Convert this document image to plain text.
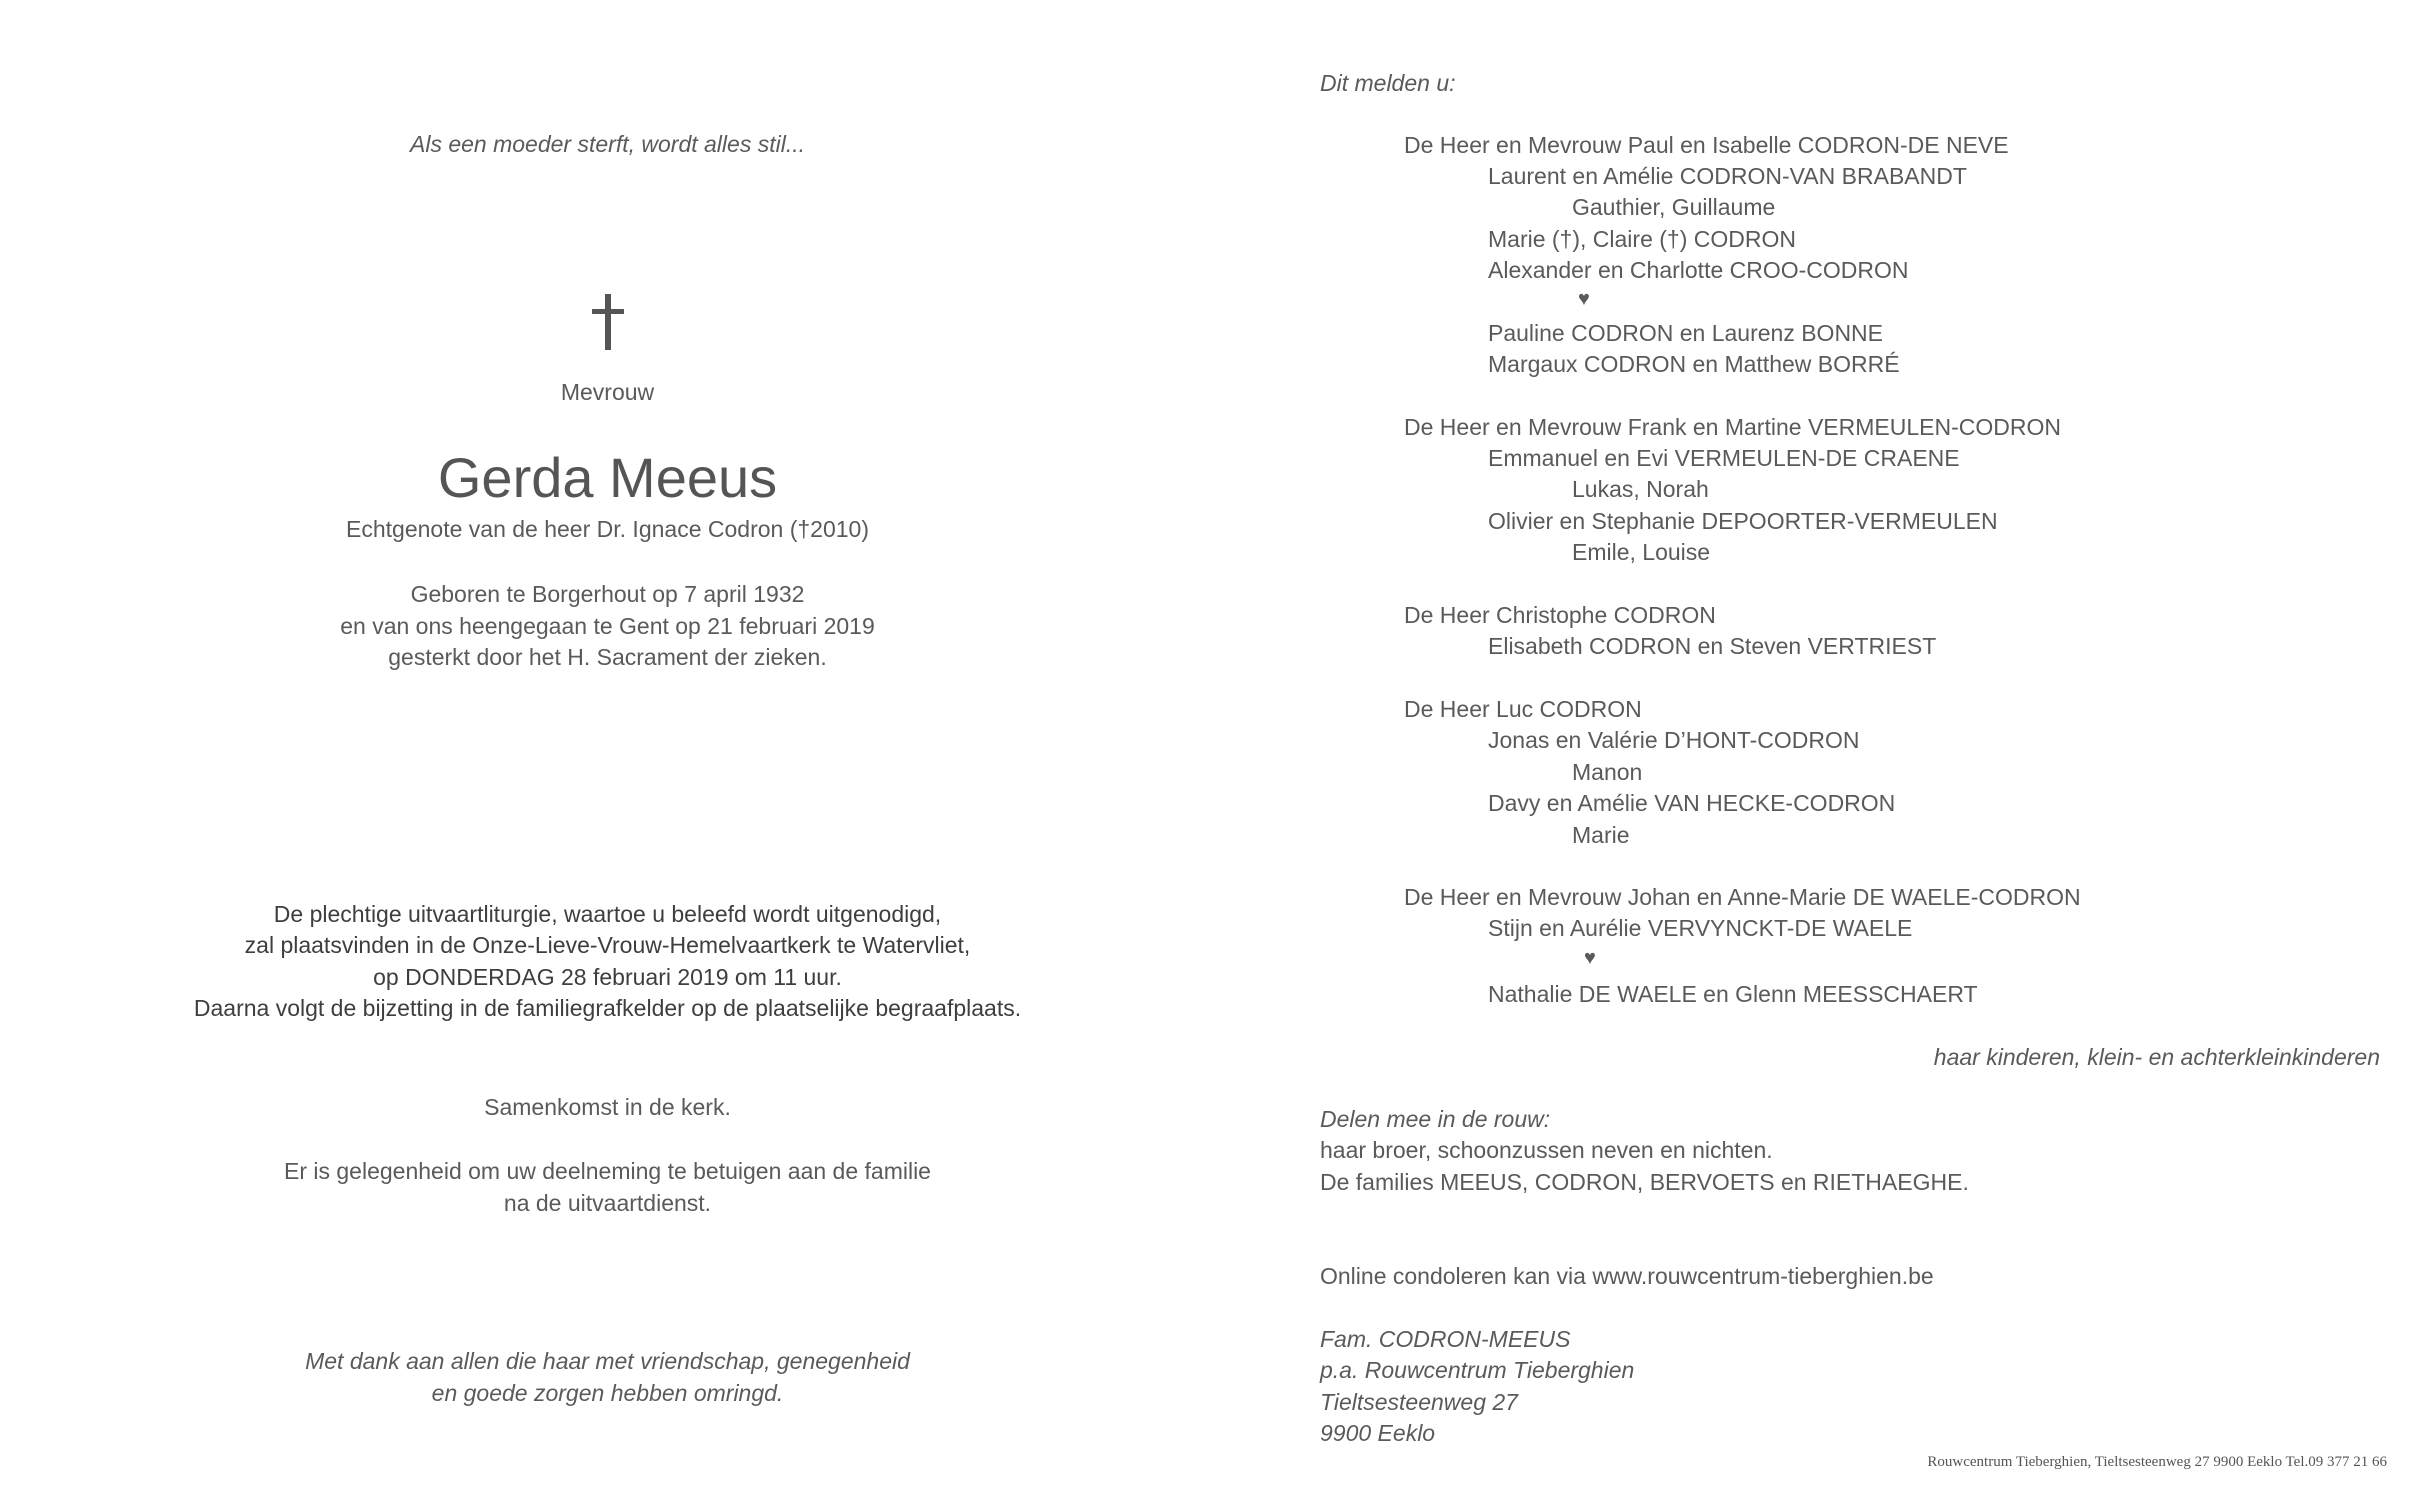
Als een moeder sterft, wordt alles stil...
Mevrouw
Gerda Meeus
Echtgenote van de heer Dr. Ignace Codron (†2010)
Geboren te Borgerhout op 7 april 1932
en van ons heengegaan te Gent op 21 februari 2019
gesterkt door het H. Sacrament der zieken.
De plechtige uitvaartliturgie, waartoe u beleefd wordt uitgenodigd,
zal plaatsvinden in de Onze-Lieve-Vrouw-Hemelvaartkerk te Watervliet,
op DONDERDAG 28 februari 2019 om 11 uur.
Daarna volgt de bijzetting in de familiegrafkelder op de plaatselijke begraafplaats.
Samenkomst in de kerk.
Er is gelegenheid om uw deelneming te betuigen aan de familie
na de uitvaartdienst.
Met dank aan allen die haar met vriendschap, genegenheid
en goede zorgen hebben omringd.
Dit melden u:
De Heer en Mevrouw Paul en Isabelle CODRON-DE NEVE
Laurent en Amélie CODRON-VAN BRABANDT
Gauthier, Guillaume
Marie (†), Claire (†) CODRON
Alexander en Charlotte CROO-CODRON
♥
Pauline CODRON en Laurenz BONNE
Margaux CODRON en Matthew BORRÉ
De Heer en Mevrouw Frank en Martine VERMEULEN-CODRON
Emmanuel en Evi VERMEULEN-DE CRAENE
Lukas, Norah
Olivier en Stephanie DEPOORTER-VERMEULEN
Emile, Louise
De Heer Christophe CODRON
Elisabeth CODRON en Steven VERTRIEST
De Heer Luc CODRON
Jonas en Valérie D’HONT-CODRON
Manon
Davy en Amélie VAN HECKE-CODRON
Marie
De Heer en Mevrouw Johan en Anne-Marie DE WAELE-CODRON
Stijn en Aurélie VERVYNCKT-DE WAELE
♥
Nathalie DE WAELE en Glenn MEESSCHAERT
haar kinderen, klein- en achterkleinkinderen
Delen mee in de rouw:
haar broer, schoonzussen neven en nichten.
De families MEEUS, CODRON, BERVOETS en RIETHAEGHE.
Online condoleren kan via www.rouwcentrum-tieberghien.be
Fam. CODRON-MEEUS
p.a. Rouwcentrum Tieberghien
Tieltsesteenweg 27
9900 Eeklo
Rouwcentrum Tieberghien, Tieltsesteenweg 27 9900 Eeklo Tel.09 377 21 66
